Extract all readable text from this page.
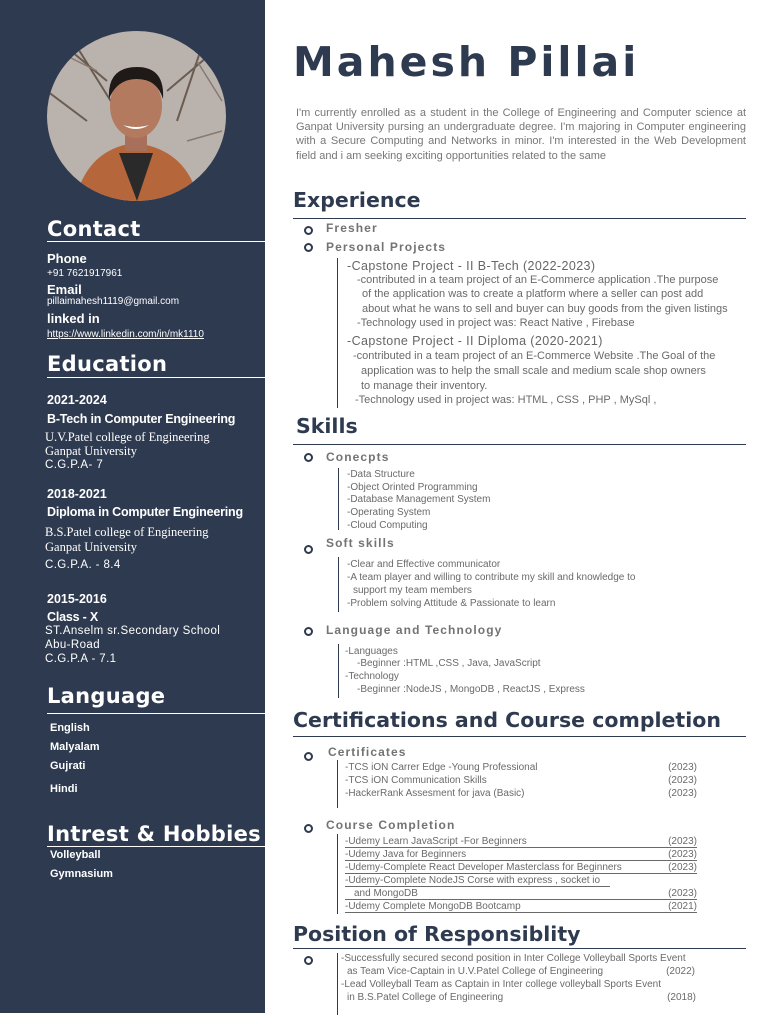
Contact
Phone
+91 7621917961
Email
pillaimahesh1119@gmail.com
linked in
https://www.linkedin.com/in/mk1110
Education
2021-2024
B-Tech in Computer Engineering
U.V.Patel college of Engineering
Ganpat University
C.G.P.A- 7
2018-2021
Diploma in Computer Engineering
B.S.Patel college of Engineering
Ganpat University
C.G.P.A. - 8.4
2015-2016
Class - X
ST.Anselm sr.Secondary School
Abu-Road
C.G.P.A - 7.1
Language
English
Malyalam
Gujrati
Hindi
Intrest & Hobbies
Volleyball
Gymnasium
Mahesh Pillai
I'm currently enrolled as a student in the College of Engineering and Computer science at Ganpat University pursing an undergraduate degree. I'm majoring in Computer engineering with a Secure Computing and Networks in minor. I'm interested in the Web Development field and i am seeking exciting opportunities related to the same
Experience
Fresher
Personal Projects
-Capstone Project - II B-Tech (2022-2023)
-contributed in a team project of an E-Commerce application .The purpose
of the application was to create a platform where a seller can post add
about what he wans to sell and buyer can buy goods from the given listings
-Technology used in project was: React Native , Firebase
-Capstone Project - II Diploma (2020-2021)
-contributed in a team project of an E-Commerce Website .The Goal of the
application was to help the small scale and medium scale shop owners
to manage their inventory.
-Technology used in project was: HTML , CSS , PHP , MySql ,
Skills
Conecpts
-Data Structure
-Object Orinted Programming
-Database Management System
-Operating System
-Cloud Computing
Soft skills
-Clear and Effective communicator
-A team player and willing to contribute my skill and knowledge to
support my team members
-Problem solving Attitude & Passionate to learn
Language and Technology
-Languages
-Beginner :HTML ,CSS , Java, JavaScript
-Technology
-Beginner :NodeJS , MongoDB , ReactJS , Express
Certifications and Course completion
Certificates
-TCS iON Carrer Edge -Young Professional	(2023)
-TCS iON Communication Skills	(2023)
-HackerRank Assesment for java (Basic)	(2023)
Course Completion
-Udemy Learn JavaScript -For Beginners	(2023)
-Udemy Java for Beginners	(2023)
-Udemy-Complete React Developer Masterclass for Beginners	(2023)
-Udemy-Complete NodeJS Corse with express , socket io
and MongoDB	(2023)
-Udemy Complete MongoDB Bootcamp	(2021)
Position of Responsiblity
-Successfully secured second position in Inter College Volleyball Sports Event
as Team Vice-Captain in U.V.Patel College of Engineering	(2022)
-Lead Volleyball Team as Captain in Inter college volleyball Sports Event
in B.S.Patel College of Engineering	(2018)
